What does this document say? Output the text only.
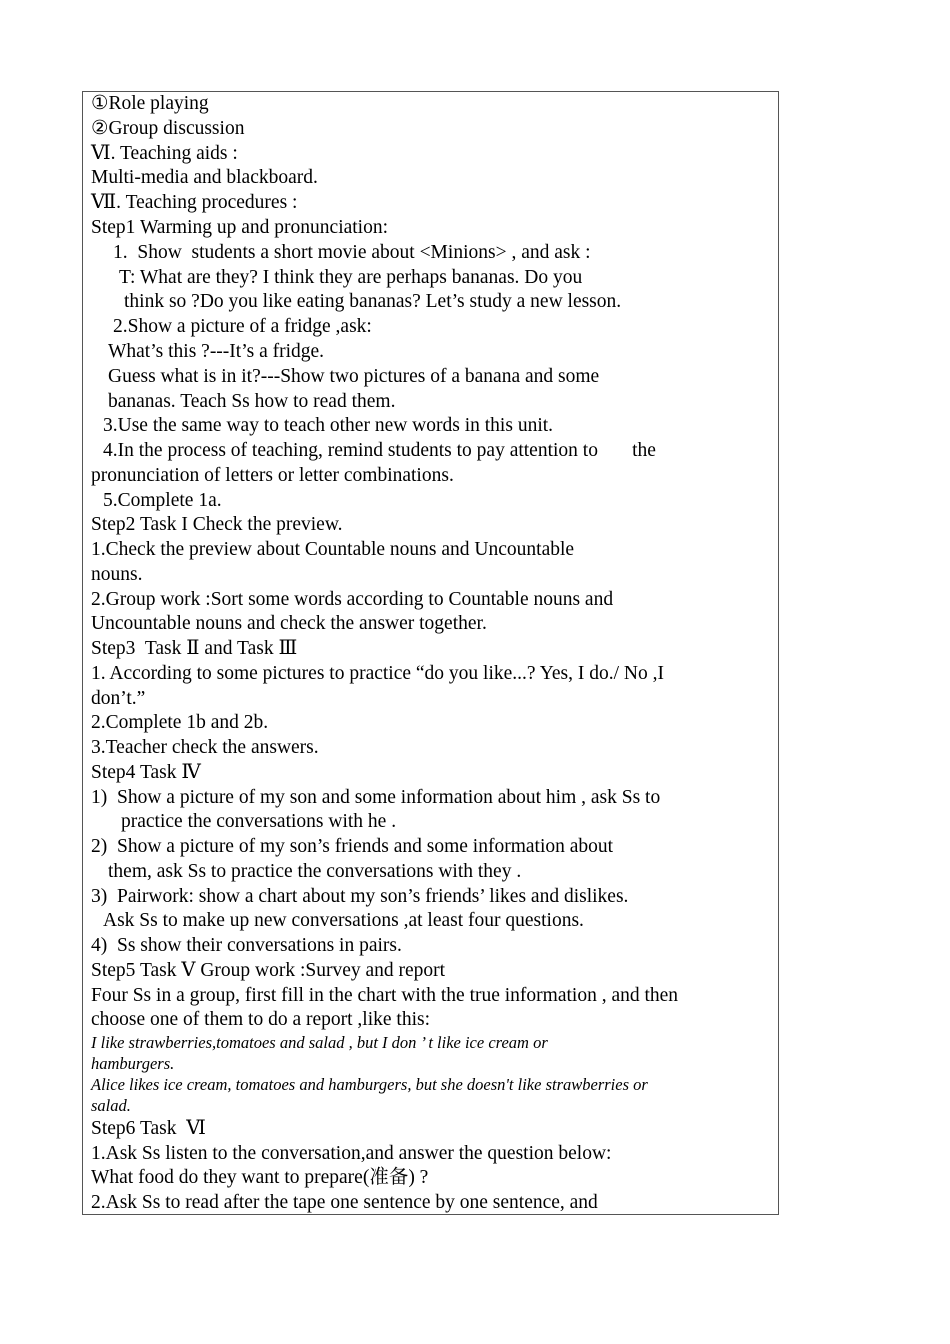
①Role playing
②Group discussion
Ⅵ. Teaching aids :
Multi-media and blackboard.
Ⅶ. Teaching procedures :
Step1 Warming up and pronunciation:
1.  Show  students a short movie about <Minions> , and ask :
T: What are they? I think they are perhaps bananas. Do you
think so ?Do you like eating bananas? Let’s study a new lesson.
2.Show a picture of a fridge ,ask:
What’s this ?---It’s a fridge.
Guess what is in it?---Show two pictures of a banana and some
bananas. Teach Ss how to read them.
3.Use the same way to teach other new words in this unit.
4.In the process of teaching, remind students to pay attention to       the
pronunciation of letters or letter combinations.
5.Complete 1a.
Step2 Task I Check the preview.
1.Check the preview about Countable nouns and Uncountable
nouns.
2.Group work :Sort some words according to Countable nouns and
Uncountable nouns and check the answer together.
Step3  Task Ⅱ and Task Ⅲ
1. According to some pictures to practice “do you like...? Yes, I do./ No ,I
don’t.”
2.Complete 1b and 2b.
3.Teacher check the answers.
Step4 Task Ⅳ
1)  Show a picture of my son and some information about him , ask Ss to
practice the conversations with he .
2)  Show a picture of my son’s friends and some information about
them, ask Ss to practice the conversations with they .
3)  Pairwork: show a chart about my son’s friends’ likes and dislikes.
Ask Ss to make up new conversations ,at least four questions.
4)  Ss show their conversations in pairs.
Step5 Task Ⅴ Group work :Survey and report
Four Ss in a group, first fill in the chart with the true information , and then
choose one of them to do a report ,like this:
I like strawberries,tomatoes and salad , but I don ’ t like ice cream or
hamburgers.
Alice likes ice cream, tomatoes and hamburgers, but she doesn't like strawberries or
salad.
Step6 Task  Ⅵ
1.Ask Ss listen to the conversation,and answer the question below:
What food do they want to prepare(准备) ?
2.Ask Ss to read after the tape one sentence by one sentence, and
